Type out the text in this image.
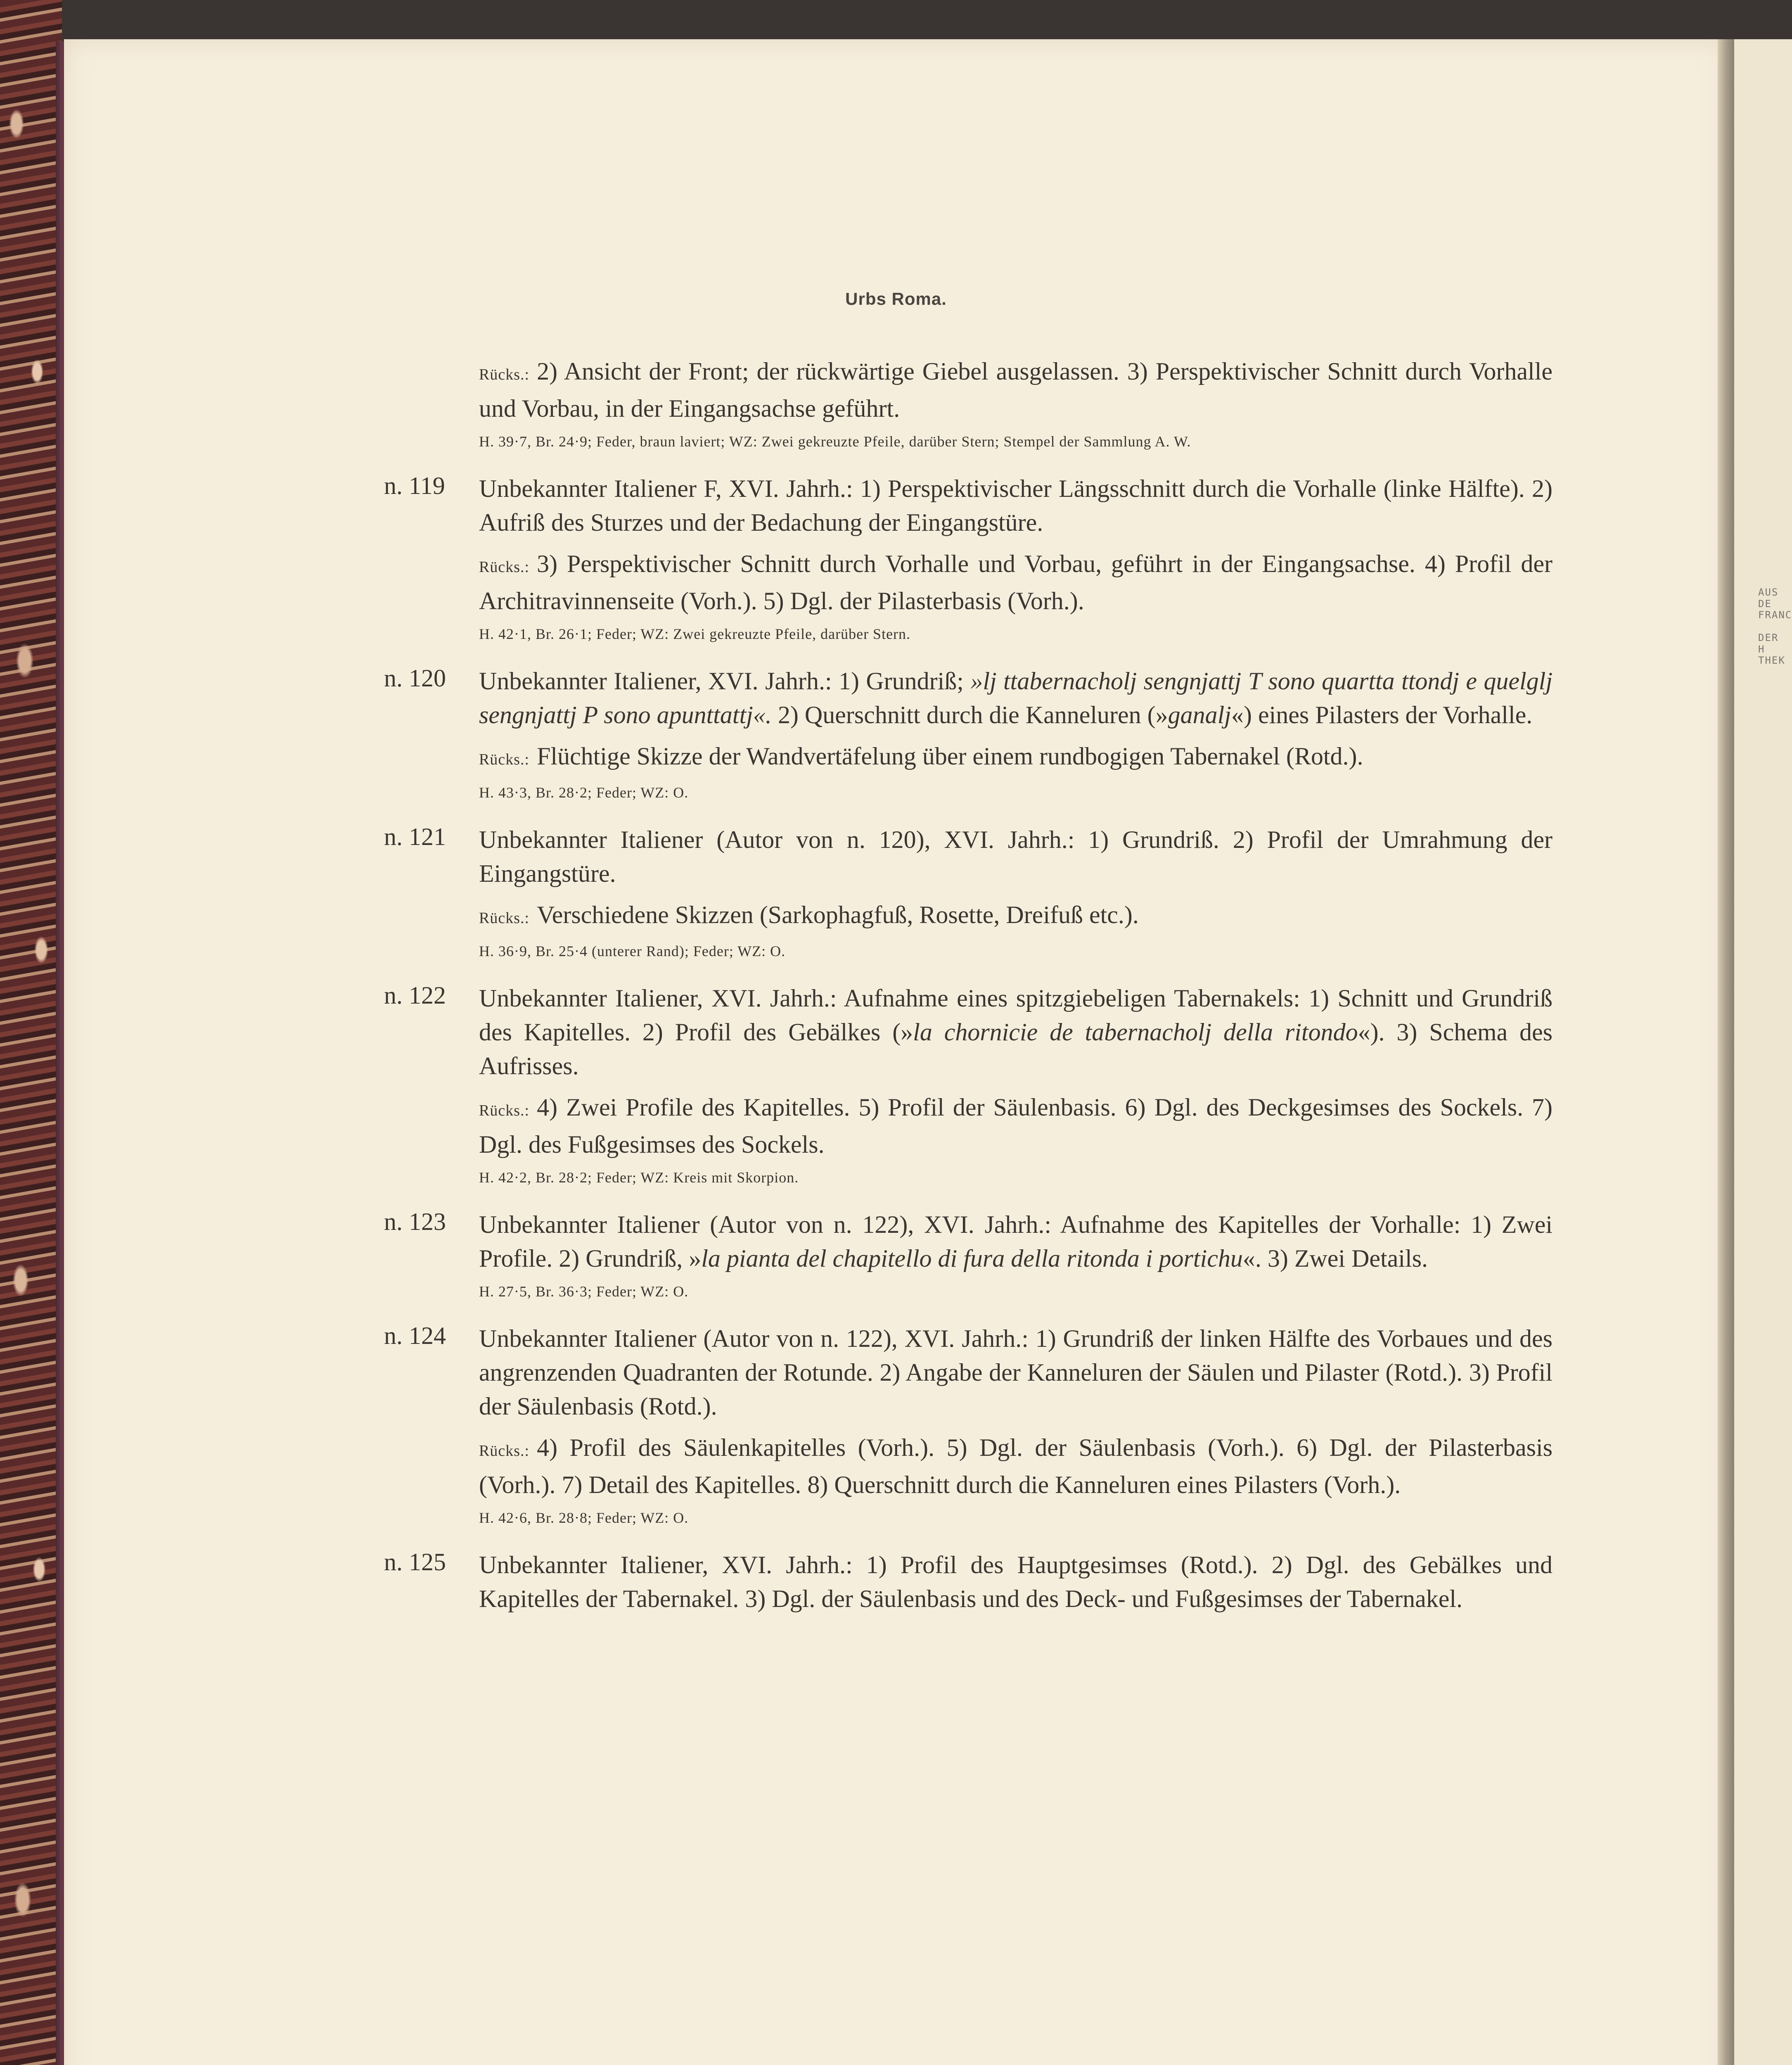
AUS DE
FRANC
DER H
THEK
Urbs Roma.

Rücks.: 2) Ansicht der Front; der rückwärtige Giebel ausgelassen. 3) Perspektivischer Schnitt durch Vorhalle und Vorbau, in der Eingangsachse geführt.

H. 39·7, Br. 24·9; Feder, braun laviert; WZ: Zwei gekreuzte Pfeile, darüber Stern; Stempel der Sammlung A. W.

n. 119 Unbekannter Italiener F, XVI. Jahrh.: 1) Perspektivischer Längsschnitt durch die Vorhalle (linke Hälfte). 2) Aufriß des Sturzes und der Bedachung der Eingangstüre.

Rücks.: 3) Perspektivischer Schnitt durch Vorhalle und Vorbau, geführt in der Eingangsachse. 4) Profil der Architravinnenseite (Vorh.). 5) Dgl. der Pilasterbasis (Vorh.).

H. 42·1, Br. 26·1; Feder; WZ: Zwei gekreuzte Pfeile, darüber Stern.

n. 120 Unbekannter Italiener, XVI. Jahrh.: 1) Grundriß; »lj ttabernacholj sengnjattj T sono quartta ttondj e quelglj sengnjattj P sono apunttattj«. 2) Querschnitt durch die Kanneluren (»ganalj«) eines Pilasters der Vorhalle.

Rücks.: Flüchtige Skizze der Wandvertäfelung über einem rundbogigen Tabernakel (Rotd.).

H. 43·3, Br. 28·2; Feder; WZ: O.

n. 121 Unbekannter Italiener (Autor von n. 120), XVI. Jahrh.: 1) Grundriß. 2) Profil der Umrahmung der Eingangstüre.

Rücks.: Verschiedene Skizzen (Sarkophagfuß, Rosette, Dreifuß etc.).

H. 36·9, Br. 25·4 (unterer Rand); Feder; WZ: O.

n. 122 Unbekannter Italiener, XVI. Jahrh.: Aufnahme eines spitzgiebeligen Tabernakels: 1) Schnitt und Grundriß des Kapitelles. 2) Profil des Gebälkes (»la chornicie de tabernacholj della ritondo«). 3) Schema des Aufrisses.

Rücks.: 4) Zwei Profile des Kapitelles. 5) Profil der Säulenbasis. 6) Dgl. des Deckgesimses des Sockels. 7) Dgl. des Fußgesimses des Sockels.

H. 42·2, Br. 28·2; Feder; WZ: Kreis mit Skorpion.

n. 123 Unbekannter Italiener (Autor von n. 122), XVI. Jahrh.: Aufnahme des Kapitelles der Vorhalle: 1) Zwei Profile. 2) Grundriß, »la pianta del chapitello di fura della ritonda i portichu«. 3) Zwei Details.

H. 27·5, Br. 36·3; Feder; WZ: O.

n. 124 Unbekannter Italiener (Autor von n. 122), XVI. Jahrh.: 1) Grundriß der linken Hälfte des Vorbaues und des angrenzenden Quadranten der Rotunde. 2) Angabe der Kanneluren der Säulen und Pilaster (Rotd.). 3) Profil der Säulenbasis (Rotd.).

Rücks.: 4) Profil des Säulenkapitelles (Vorh.). 5) Dgl. der Säulenbasis (Vorh.). 6) Dgl. der Pilasterbasis (Vorh.). 7) Detail des Kapitelles. 8) Querschnitt durch die Kanneluren eines Pilasters (Vorh.).

H. 42·6, Br. 28·8; Feder; WZ: O.

n. 125 Unbekannter Italiener, XVI. Jahrh.: 1) Profil des Hauptgesimses (Rotd.). 2) Dgl. des Gebälkes und Kapitelles der Tabernakel. 3) Dgl. der Säulenbasis und des Deck- und Fußgesimses der Tabernakel.
